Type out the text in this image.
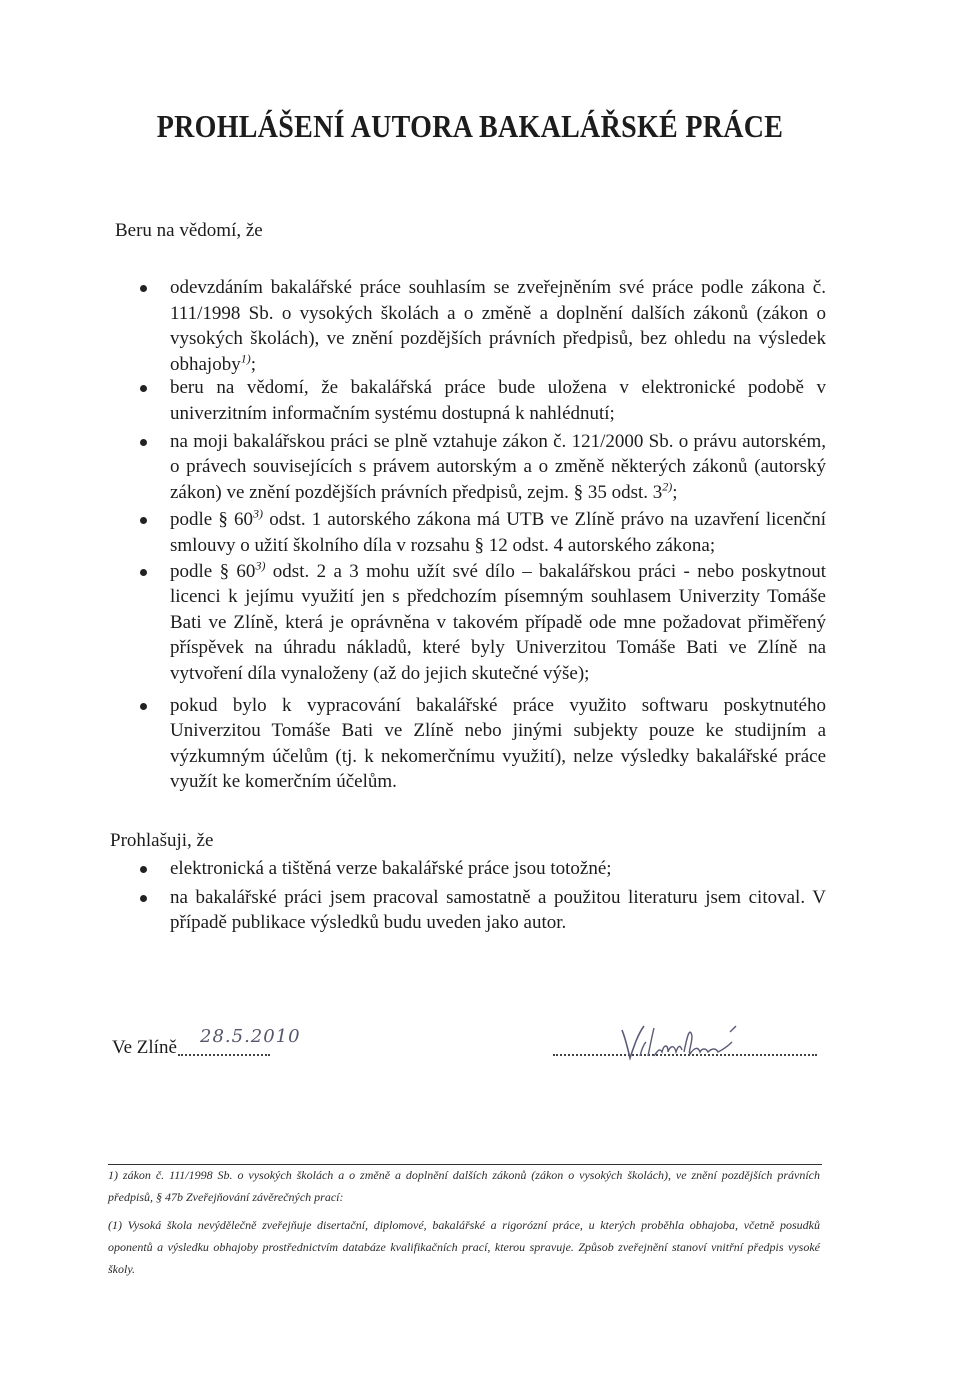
PROHLÁŠENÍ AUTORA BAKALÁŘSKÉ PRÁCE
Beru na vědomí, že
odevzdáním bakalářské práce souhlasím se zveřejněním své práce podle zákona č. 111/1998 Sb. o vysokých školách a o změně a doplnění dalších zákonů (zákon o vysokých školách), ve znění pozdějších právních předpisů, bez ohledu na výsledek obhajoby$^{1)}$;
beru na vědomí, že bakalářská práce bude uložena v elektronické podobě v univerzitním informačním systému dostupná k nahlédnutí;
na moji bakalářskou práci se plně vztahuje zákon č. 121/2000 Sb. o právu autorském, o právech souvisejících s právem autorským a o změně některých zákonů (autorský zákon) ve znění pozdějších právních předpisů, zejm. § 35 odst. 3$^{2)}$;
podle § 60$^{3)}$ odst. 1 autorského zákona má UTB ve Zlíně právo na uzavření licenční smlouvy o užití školního díla v rozsahu § 12 odst. 4 autorského zákona;
podle § 60$^{3)}$ odst. 2 a 3 mohu užít své dílo – bakalářskou práci - nebo poskytnout licenci k jejímu využití jen s předchozím písemným souhlasem Univerzity Tomáše Bati ve Zlíně, která je oprávněna v takovém případě ode mne požadovat přiměřený příspěvek na úhradu nákladů, které byly Univerzitou Tomáše Bati ve Zlíně na vytvoření díla vynaloženy (až do jejich skutečné výše);
pokud bylo k vypracování bakalářské práce využito softwaru poskytnutého Univerzitou Tomáše Bati ve Zlíně nebo jinými subjekty pouze ke studijním a výzkumným účelům (tj. k nekomerčnímu využití), nelze výsledky bakalářské práce využít ke komerčním účelům.
Prohlašuji, že
elektronická a tištěná verze bakalářské práce jsou totožné;
na bakalářské práci jsem pracoval samostatně a použitou literaturu jsem citoval. V případě publikace výsledků budu uveden jako autor.
Ve Zlíně
28.5.2010

1) zákon č. 111/1998 Sb. o vysokých školách a o změně a doplnění dalších zákonů (zákon o vysokých školách), ve znění pozdějších právních předpisů, § 47b Zveřejňování závěrečných prací:

(1) Vysoká škola nevýdělečně zveřejňuje disertační, diplomové, bakalářské a rigorózní práce, u kterých proběhla obhajoba, včetně posudků oponentů a výsledku obhajoby prostřednictvím databáze kvalifikačních prací, kterou spravuje. Způsob zveřejnění stanoví vnitřní předpis vysoké školy.
